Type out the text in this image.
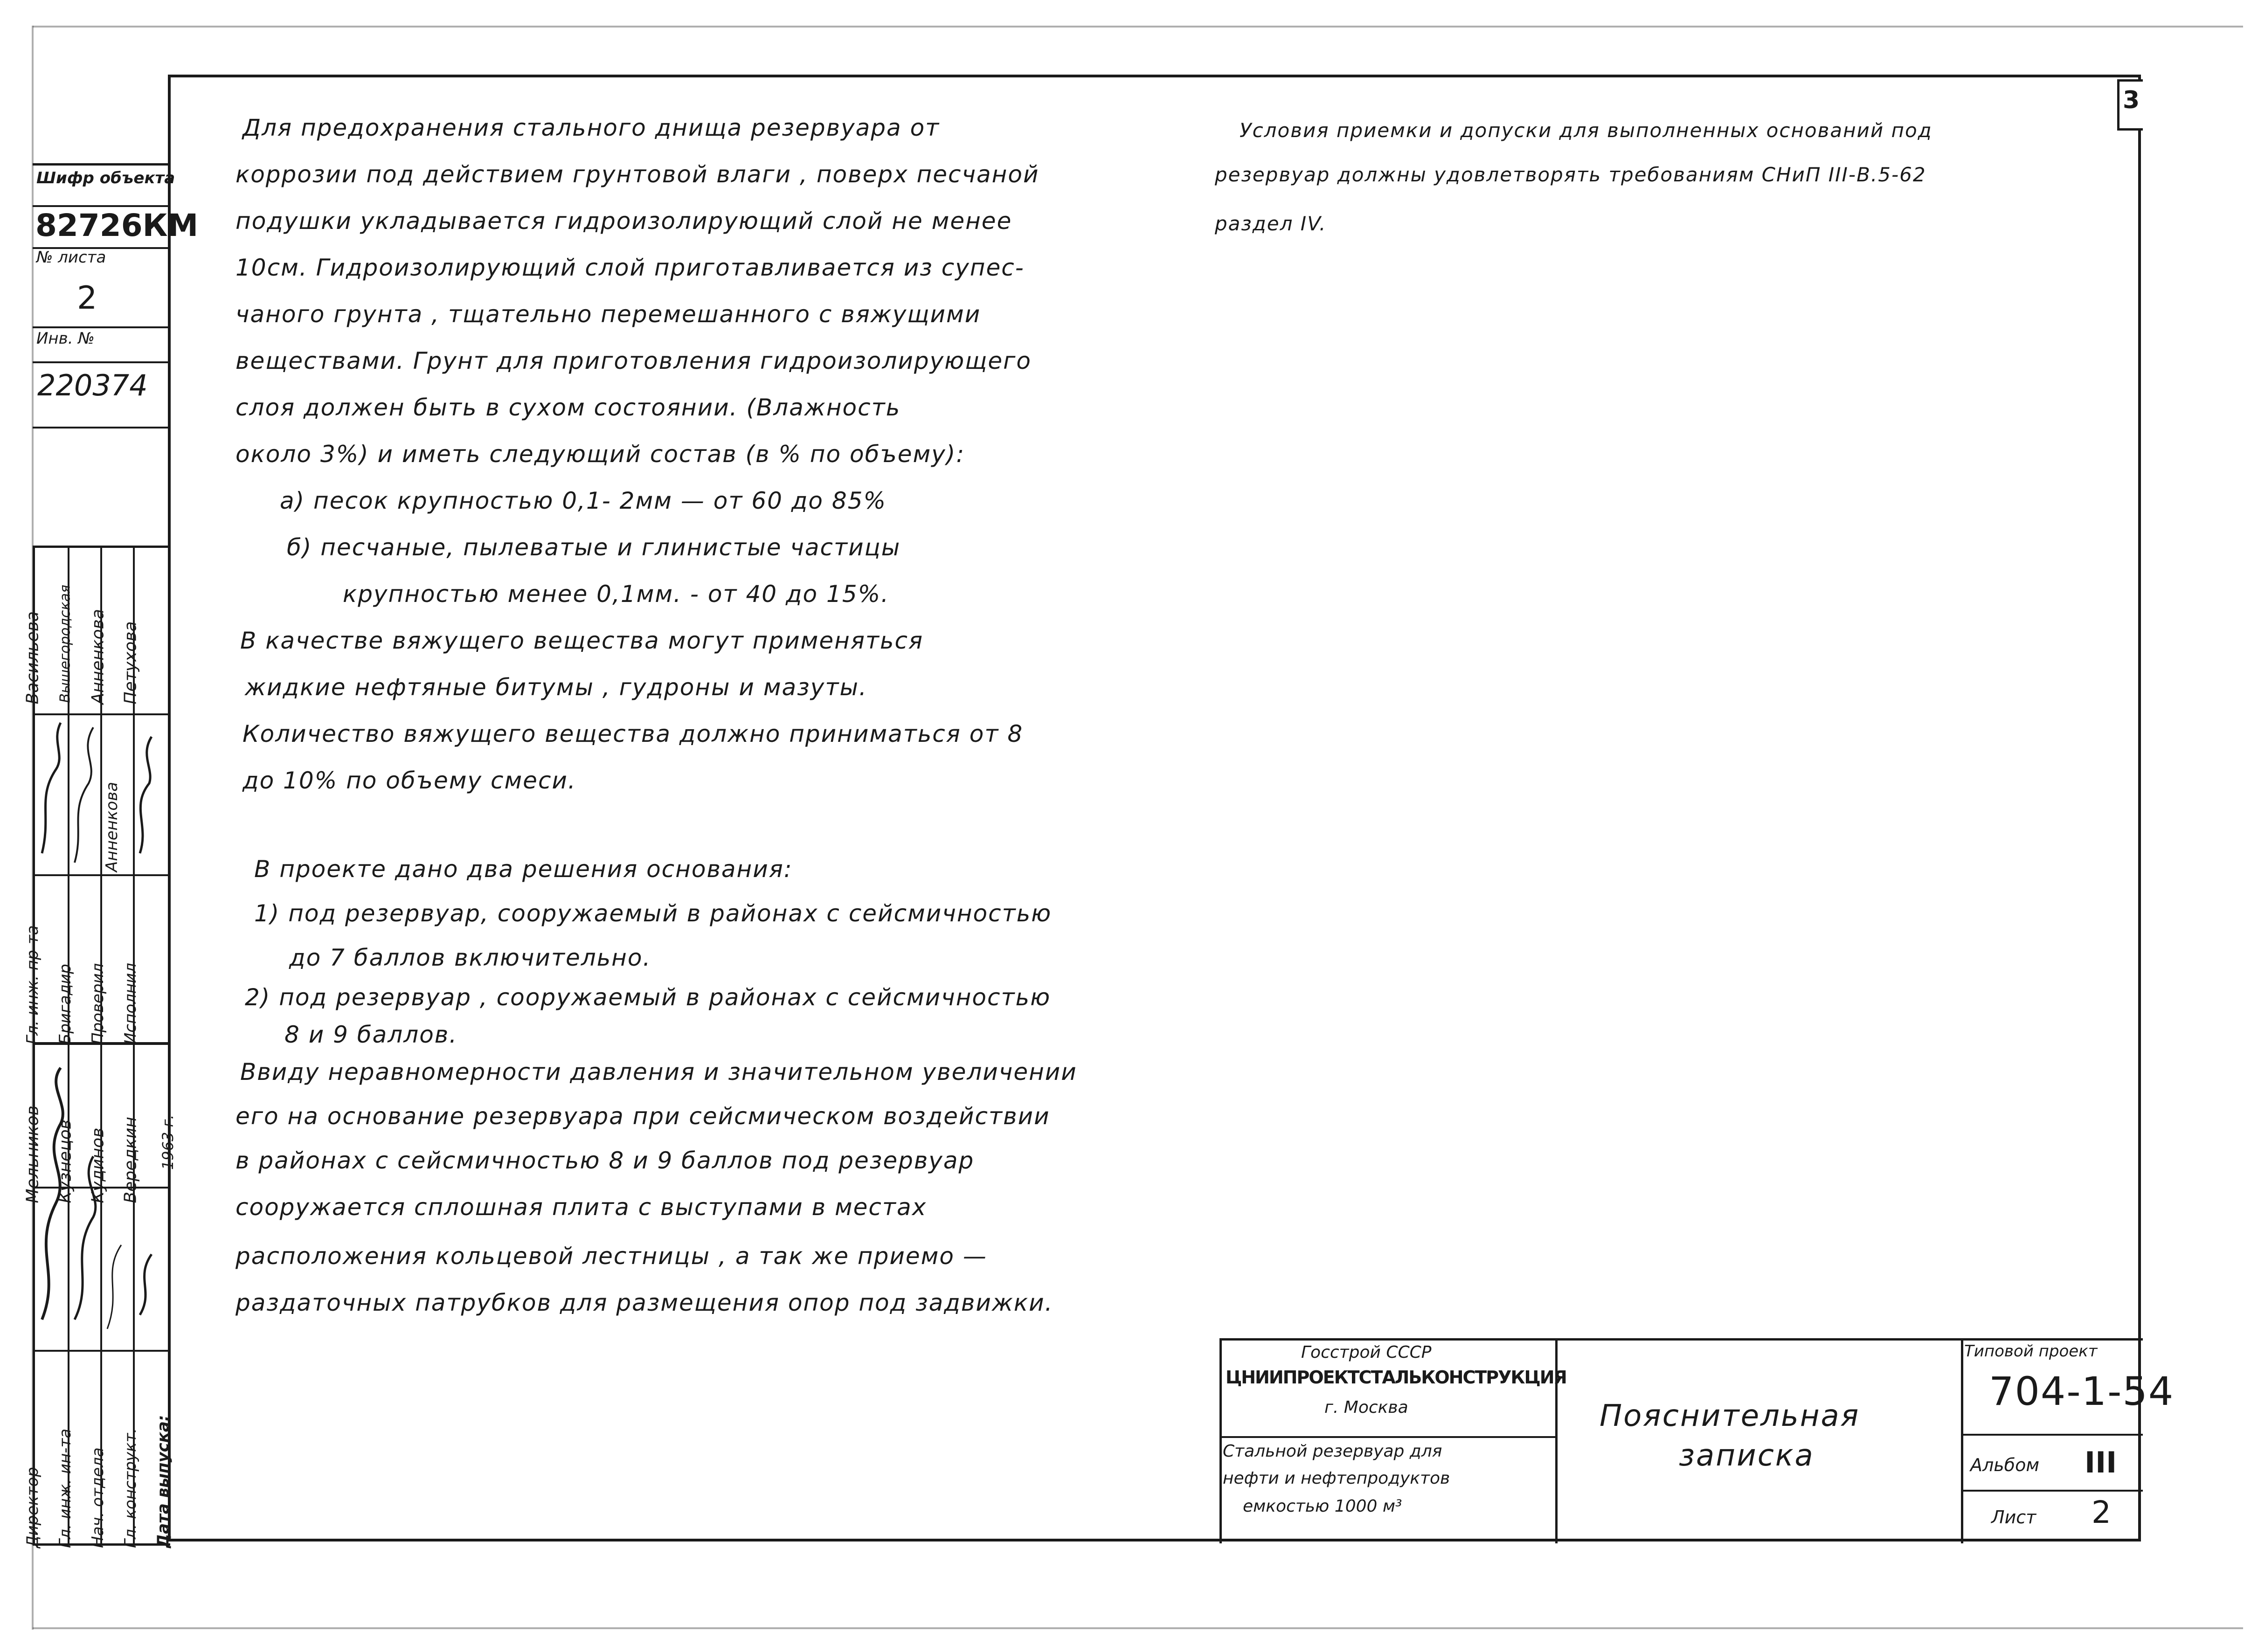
3
Шифр объекта
82726КМ
№ листа
2
Инв. №
220374
Директор Гл. инж. ин-та Нач. отдела Гл. конструкт. Дата выпуска:
Гл. инж. пр-та Бригадир Проверил Исполнил
Мельников Кузнецов Кудинов Вередкин 1963 г.
Васильева Вышегородская Анненкова Петухова
Анненкова
Для предохранения стального днища резервуара от
коррозии под действием грунтовой влаги , поверх песчаной
подушки укладывается гидроизолирующий слой не менее
10см. Гидроизолирующий слой приготавливается из супес-
чаного грунта , тщательно перемешанного с вяжущими
веществами. Грунт для приготовления гидроизолирующего
слоя должен быть в сухом состоянии. (Влажность
около 3%) и иметь следующий состав (в % по объему):
а) песок крупностью 0,1- 2мм — от 60 до 85%
б) песчаные, пылеватые и глинистые частицы
крупностью менее 0,1мм. - от 40 до 15%.
В качестве вяжущего вещества могут применяться
жидкие нефтяные битумы , гудроны и мазуты.
Количество вяжущего вещества должно приниматься от 8
до 10% по объему смеси.
В проекте дано два решения основания:
1) под резервуар, сооружаемый в районах с сейсмичностью
до 7 баллов включительно.
2) под резервуар , сооружаемый в районах с сейсмичностью
8 и 9 баллов.
Ввиду неравномерности давления и значительном увеличении
его на основание резервуара при сейсмическом воздействии
в районах с сейсмичностью 8 и 9 баллов под резервуар
сооружается сплошная плита с выступами в местах
расположения кольцевой лестницы , а так же приемо —
раздаточных патрубков для размещения опор под задвижки.
Условия приемки и допуски для выполненных оснований под
резервуар должны удовлетворять требованиям СНиП III-В.5-62
раздел IV.
Госстрой СССР
ЦНИИПРОЕКТСТАЛЬКОНСТРУКЦИЯ
г. Москва
Стальной резервуар для
нефти и нефтепродуктов
емкостью 1000 м³
Пояснительная
записка
Типовой проект
704-1-54
Альбом III
Лист 2
